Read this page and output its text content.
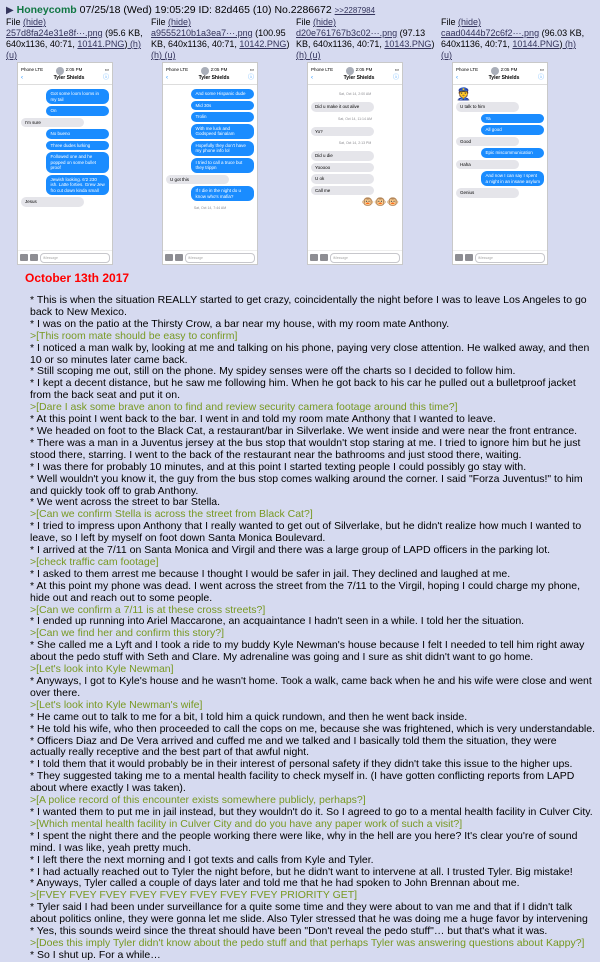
▶ Honeycomb 07/25/18 (Wed) 19:05:29 ID: 82d465 (10) No.2286672 >>2287984
File (hide)
257d8fa24e31e8f···.png (95.6 KB, 640x1136, 40:71, 10141.PNG) (h) (u)
Phone LTE	2:05 PM	▭
‹	Tyler Shields	ⓘ
Got some loom looms in my tail
On
I'm sure
No bueno
Three dudes lurking
Followed one and he popped on some bullet proof
Jewish looking. 6'2 230 ish. Latte forties. Grew Jew fro cut down kinda small
Jesus
iMessage
File (hide)
a9555210b1a3ea7···.png (100.95 KB, 640x1136, 40:71, 10142.PNG) (h) (u)
Phone LTE	2:05 PM	▭
‹	Tyler Shields	ⓘ
And some Hispanic dude
Mid 30s
Trolin
With me luck and Godspeed fainalam
Hopefully they don't have my phone info lol
I tried to call a truce but they trippn
U got this
If I die in the night do u know who's mafia?
Sat, Oct 14, 7:44 AM
iMessage
File (hide)
d20e761767b3c02···.png (97.13 KB, 640x1136, 40:71, 10143.PNG) (h) (u)
Phone LTE	2:05 PM	▭
‹	Tyler Shields	ⓘ
Sat, Oct 14, 2:00 AM
Did u make it out alive
Sat, Oct 14, 11:14 AM
Yo?
Sat, Oct 14, 2:13 PM
Did u die
Yooooo
U ok
Call me
🐵🐵🐵
iMessage
File (hide)
caad0444b72c6f2···.png (96.03 KB, 640x1136, 40:71, 10144.PNG) (h) (u)
Phone LTE	2:05 PM	▭
‹	Tyler Shields	ⓘ
👮
U talk to him
Ya
All good
Good
Epic miscommunication
Haha
And now I can say I spent a night in an insane asylum
Genius
iMessage
October 13th 2017

* This is when the situation REALLY started to get crazy, coincidentally the night before I was to leave Los Angeles to go back to New Mexico.

* I was on the patio at the Thirsty Crow, a bar near my house, with my room mate Anthony.

>[This room mate should be easy to confirm]

* I noticed a man walk by, looking at me and talking on his phone, paying very close attention. He walked away, and then 10 or so minutes later came back.

* Still scoping me out, still on the phone. My spidey senses were off the charts so I decided to follow him.

* I kept a decent distance, but he saw me following him. When he got back to his car he pulled out a bulletproof jacket from the back seat and put it on.

>[Dare I ask some brave anon to find and review security camera footage around this time?]

* At this point I went back to the bar. I went in and told my room mate Anthony that I wanted to leave.

* We headed on foot to the Black Cat, a restaurant/bar in Silverlake. We went inside and were near the front entrance.

* There was a man in a Juventus jersey at the bus stop that wouldn't stop staring at me. I tried to ignore him but he just stood there, starring. I went to the back of the restaurant near the bathrooms and just stood there, waiting.

* I was there for probably 10 minutes, and at this point I started texting people I could possibly go stay with.

* Well wouldn't you know it, the guy from the bus stop comes walking around the corner. I said "Forza Juventus!" to him and quickly took off to grab Anthony.

* We went across the street to bar Stella.

>[Can we confirm Stella is across the street from Black Cat?]

* I tried to impress upon Anthony that I really wanted to get out of Silverlake, but he didn't realize how much I wanted to leave, so I left by myself on foot down Santa Monica Boulevard.

* I arrived at the 7/11 on Santa Monica and Virgil and there was a large group of LAPD officers in the parking lot.

>[check traffic cam footage]

* I asked to them arrest me because I thought I would be safer in jail. They declined and laughed at me.

* At this point my phone was dead. I went across the street from the 7/11 to the Virgil, hoping I could charge my phone, hide out and reach out to some people.

>[Can we confirm a 7/11 is at these cross streets?]

* I ended up running into Ariel Maccarone, an acquaintance I hadn't seen in a while. I told her the situation.

>[Can we find her and confirm this story?]

* She called me a Lyft and I took a ride to my buddy Kyle Newman's house because I felt I needed to tell him right away about the pedo stuff with Seth and Clare. My adrenaline was going and I sure as shit didn't want to go home.

>[Let's look into Kyle Newman]

* Anyways, I got to Kyle's house and he wasn't home. Took a walk, came back when he and his wife were close and went over there.

>[Let's look into Kyle Newman's wife]

* He came out to talk to me for a bit, I told him a quick rundown, and then he went back inside.

* He told his wife, who then proceeded to call the cops on me, because she was frightened, which is very understandable.

* Officers Diaz and De Vera arrived and cuffed me and we talked and I basically told them the situation, they were actually really receptive and the best part of that awful night.

* I told them that it would probably be in their interest of personal safety if they didn't take this issue to the higher ups.

* They suggested taking me to a mental health facility to check myself in. (I have gotten conflicting reports from LAPD about where exactly I was taken).

>[A police record of this encounter exists somewhere publicly, perhaps?]

* I wanted them to put me in jail instead, but they wouldn't do it. So I agreed to go to a mental health facility in Culver City.

>[Which mental health facility in Culver City and do you have any paper work of such a visit?]

* I spent the night there and the people working there were like, why in the hell are you here? It's clear you're of sound mind. I was like, yeah pretty much.

* I left there the next morning and I got texts and calls from Kyle and Tyler.

* I had actually reached out to Tyler the night before, but he didn't want to intervene at all. I trusted Tyler. Big mistake!

* Anyways, Tyler called a couple of days later and told me that he had spoken to John Brennan about me.

>[FVEY FVEY FVEY FVEY FVEY FVEY FVEY FVEY PRIORITY GET]

* Tyler said I had been under surveillance for a quite some time and they were about to van me and that if I didn't talk about politics online, they were gonna let me slide. Also Tyler stressed that he was doing me a huge favor by intervening

* Yes, this sounds weird since the threat should have been "Don't reveal the pedo stuff"… but that's what it was.

>[Does this imply Tyler didn't know about the pedo stuff and that perhaps Tyler was answering questions about Kappy?]

* So I shut up. For a while…
